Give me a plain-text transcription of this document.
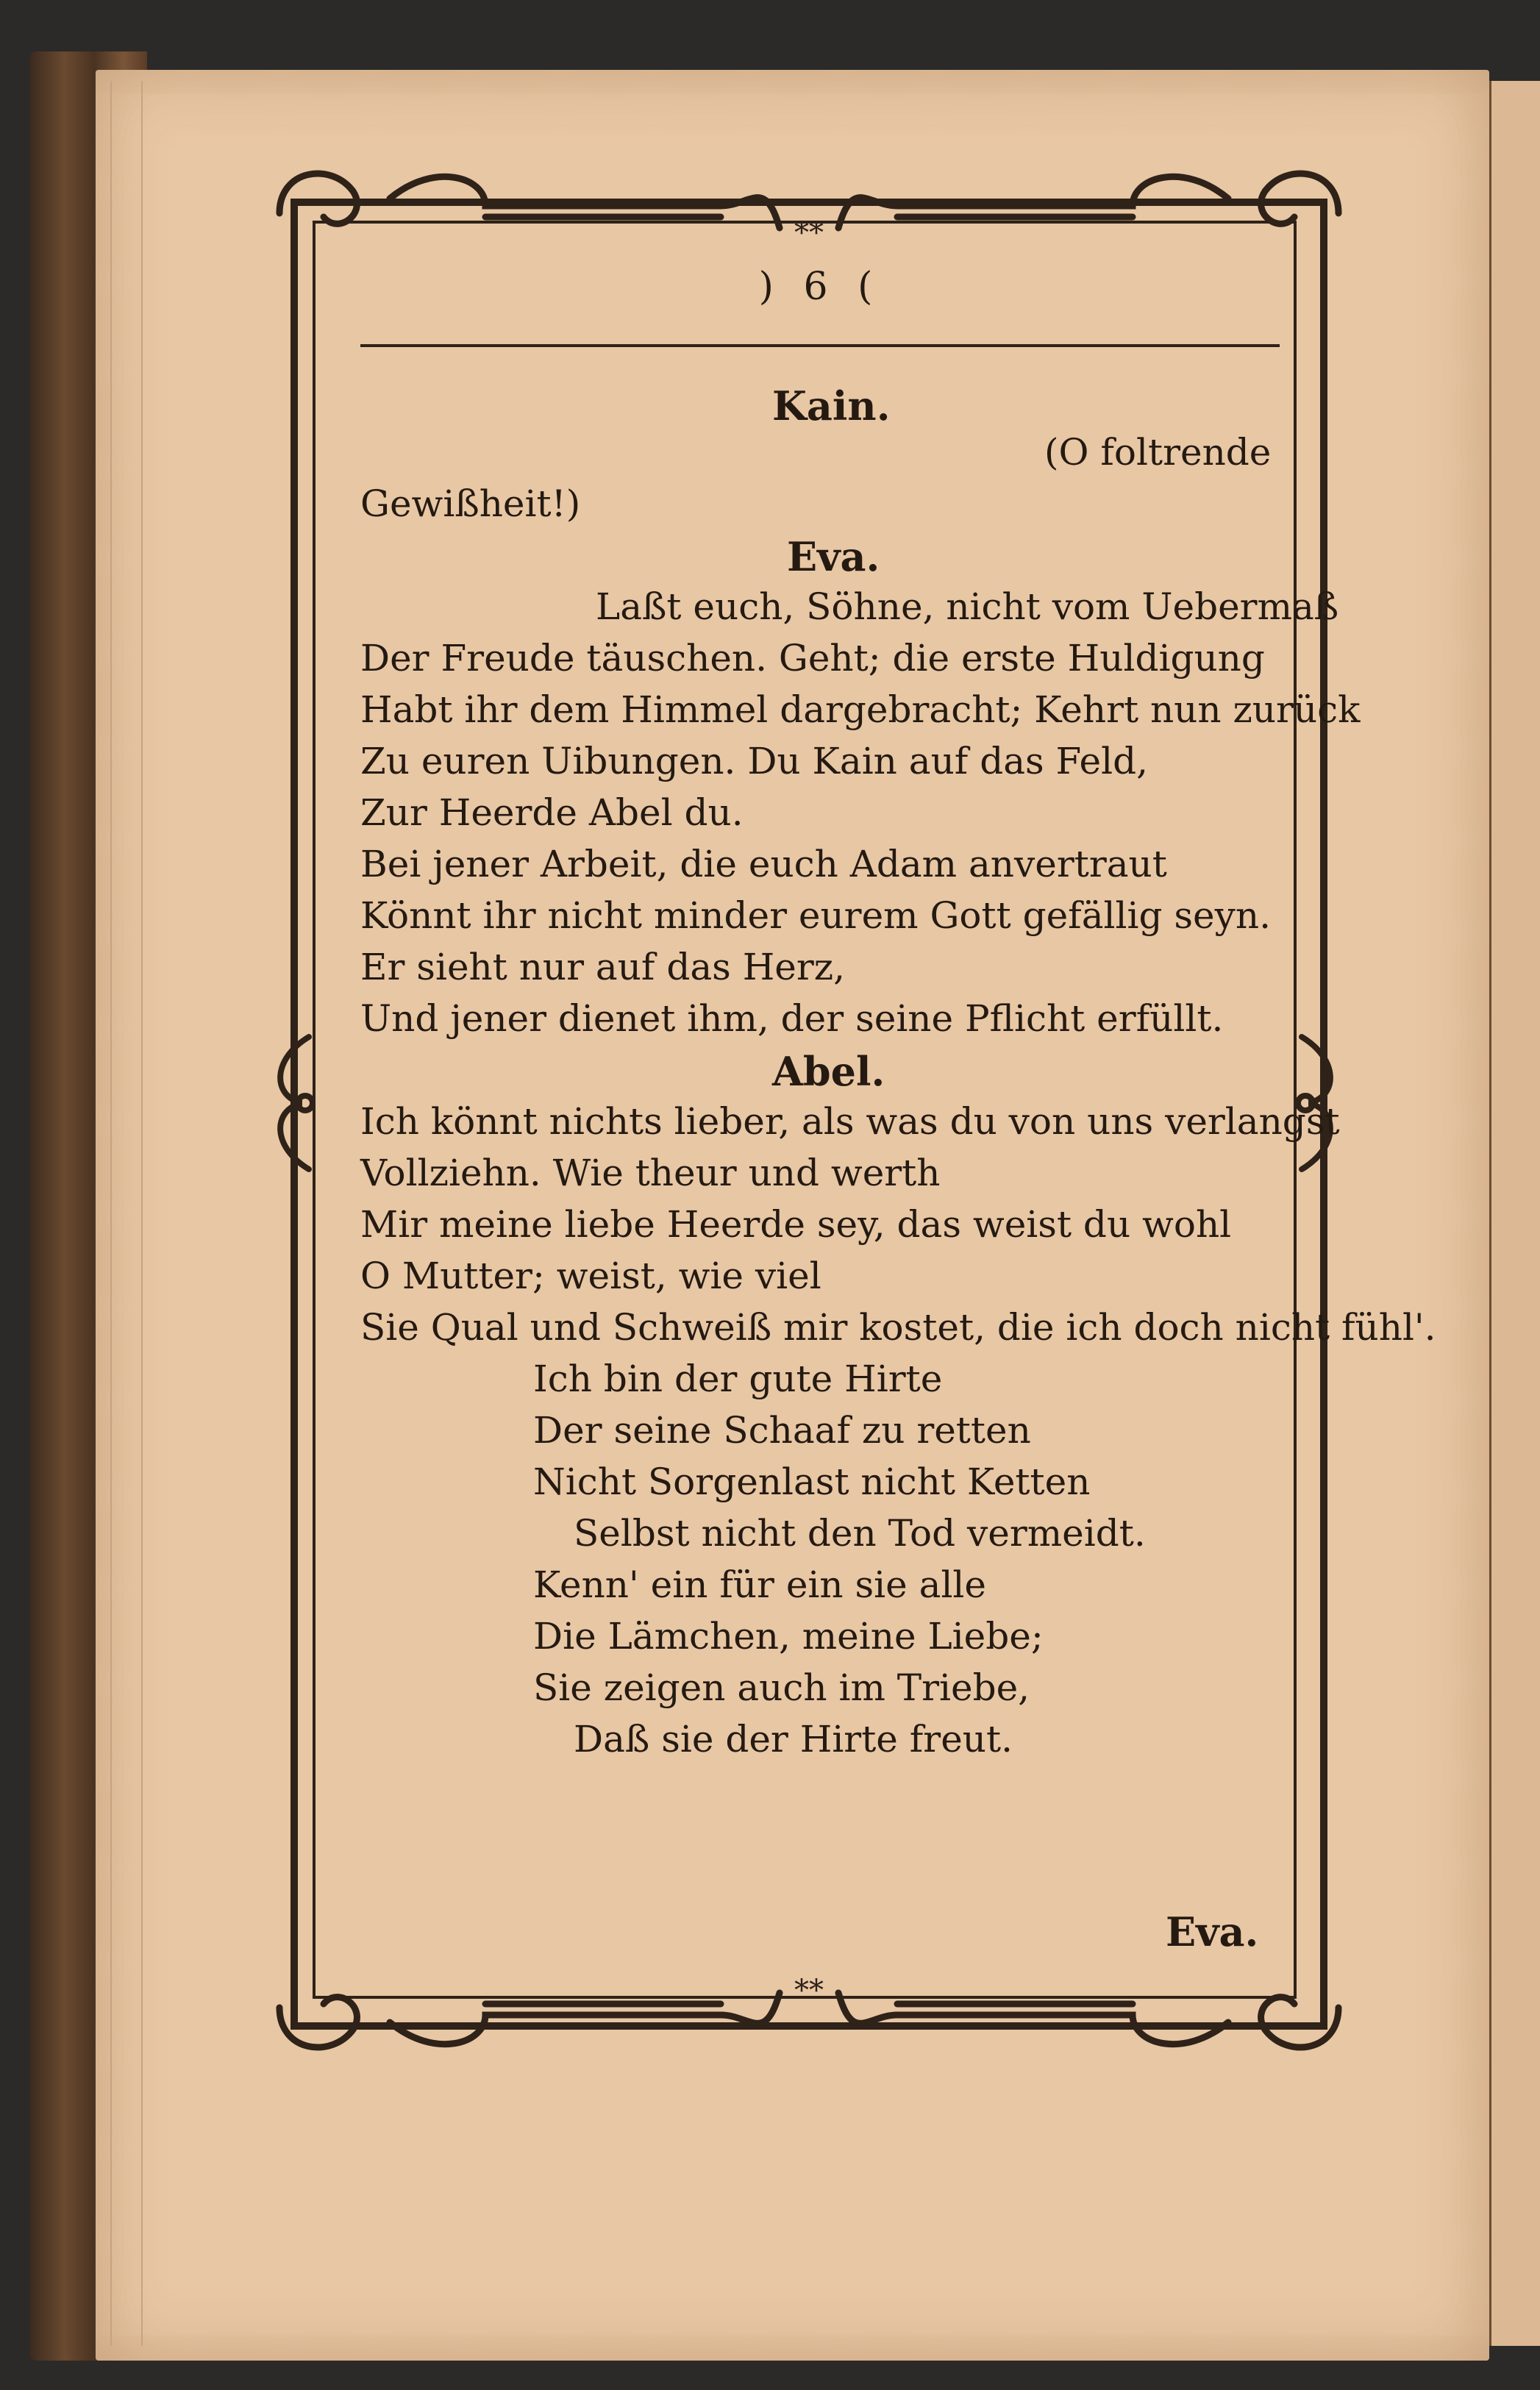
**
**
) 6 (
Kain.
(O foltrende
Gewißheit!)
Eva.
Laßt euch, Söhne, nicht vom Uebermaß
Der Freude täuschen. Geht; die erste Huldigung
Habt ihr dem Himmel dargebracht; Kehrt nun zurück
Zu euren Uibungen. Du Kain auf das Feld,
Zur Heerde Abel du.
Bei jener Arbeit, die euch Adam anvertraut
Könnt ihr nicht minder eurem Gott gefällig seyn.
Er sieht nur auf das Herz,
Und jener dienet ihm, der seine Pflicht erfüllt.
Abel.
Ich könnt nichts lieber, als was du von uns verlangst
Vollziehn. Wie theur und werth
Mir meine liebe Heerde sey, das weist du wohl
O Mutter; weist, wie viel
Sie Qual und Schweiß mir kostet, die ich doch nicht fühl'.
Ich bin der gute Hirte
Der seine Schaaf zu retten
Nicht Sorgenlast nicht Ketten
Selbst nicht den Tod vermeidt.
Kenn' ein für ein sie alle
Die Lämchen, meine Liebe;
Sie zeigen auch im Triebe,
Daß sie der Hirte freut.
Eva.
